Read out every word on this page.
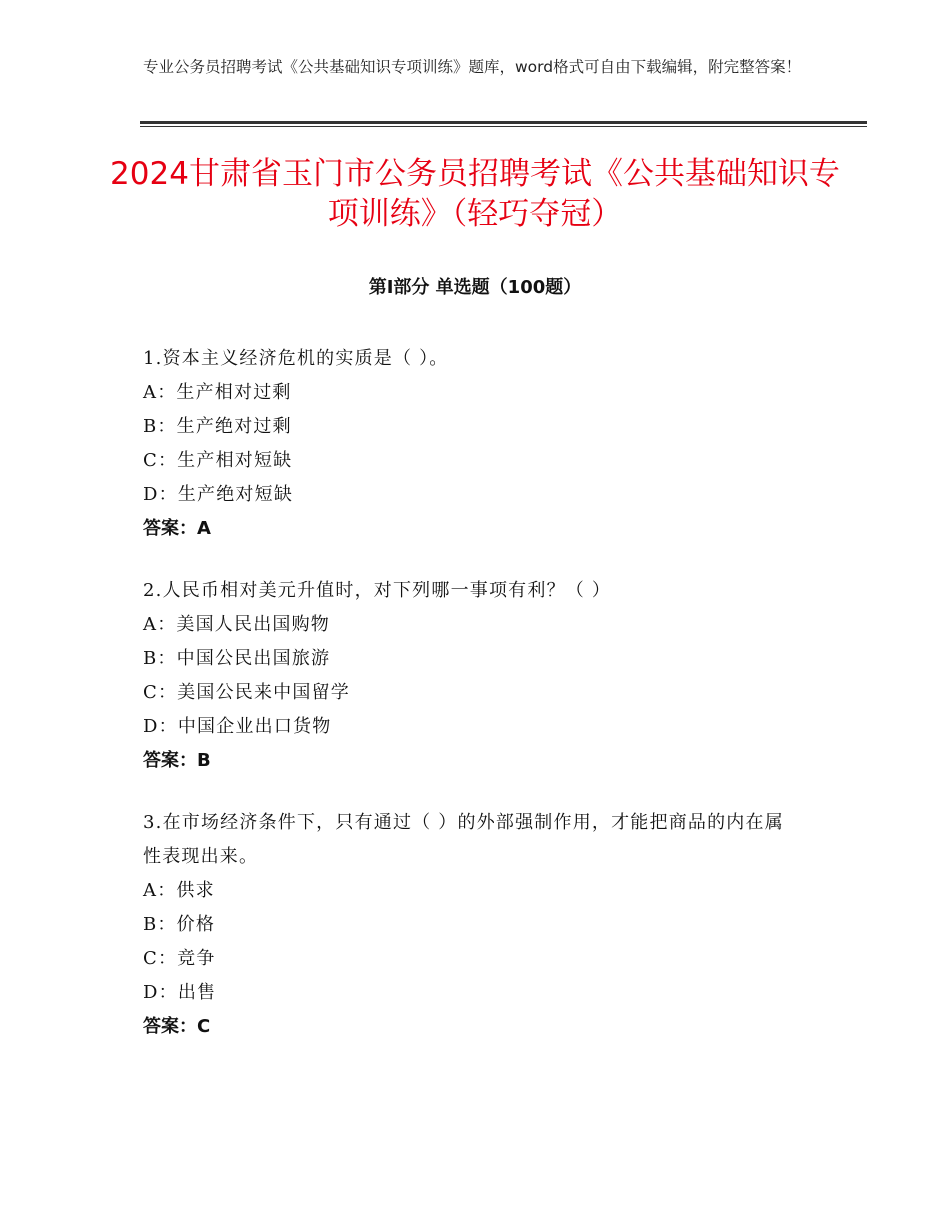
专业公务员招聘考试《公共基础知识专项训练》题库，word格式可自由下载编辑，附完整答案！
2024甘肃省玉门市公务员招聘考试《公共基础知识专项训练》（轻巧夺冠）
第Ⅰ部分 单选题（100题）
1.资本主义经济危机的实质是（ ）。
A：生产相对过剩
B：生产绝对过剩
C：生产相对短缺
D：生产绝对短缺
答案：A
2.人民币相对美元升值时，对下列哪一事项有利？（ ）
A：美国人民出国购物
B：中国公民出国旅游
C：美国公民来中国留学
D：中国企业出口货物
答案：B
3.在市场经济条件下，只有通过（ ）的外部强制作用，才能把商品的内在属性表现出来。
A：供求
B：价格
C：竞争
D：出售
答案：C
